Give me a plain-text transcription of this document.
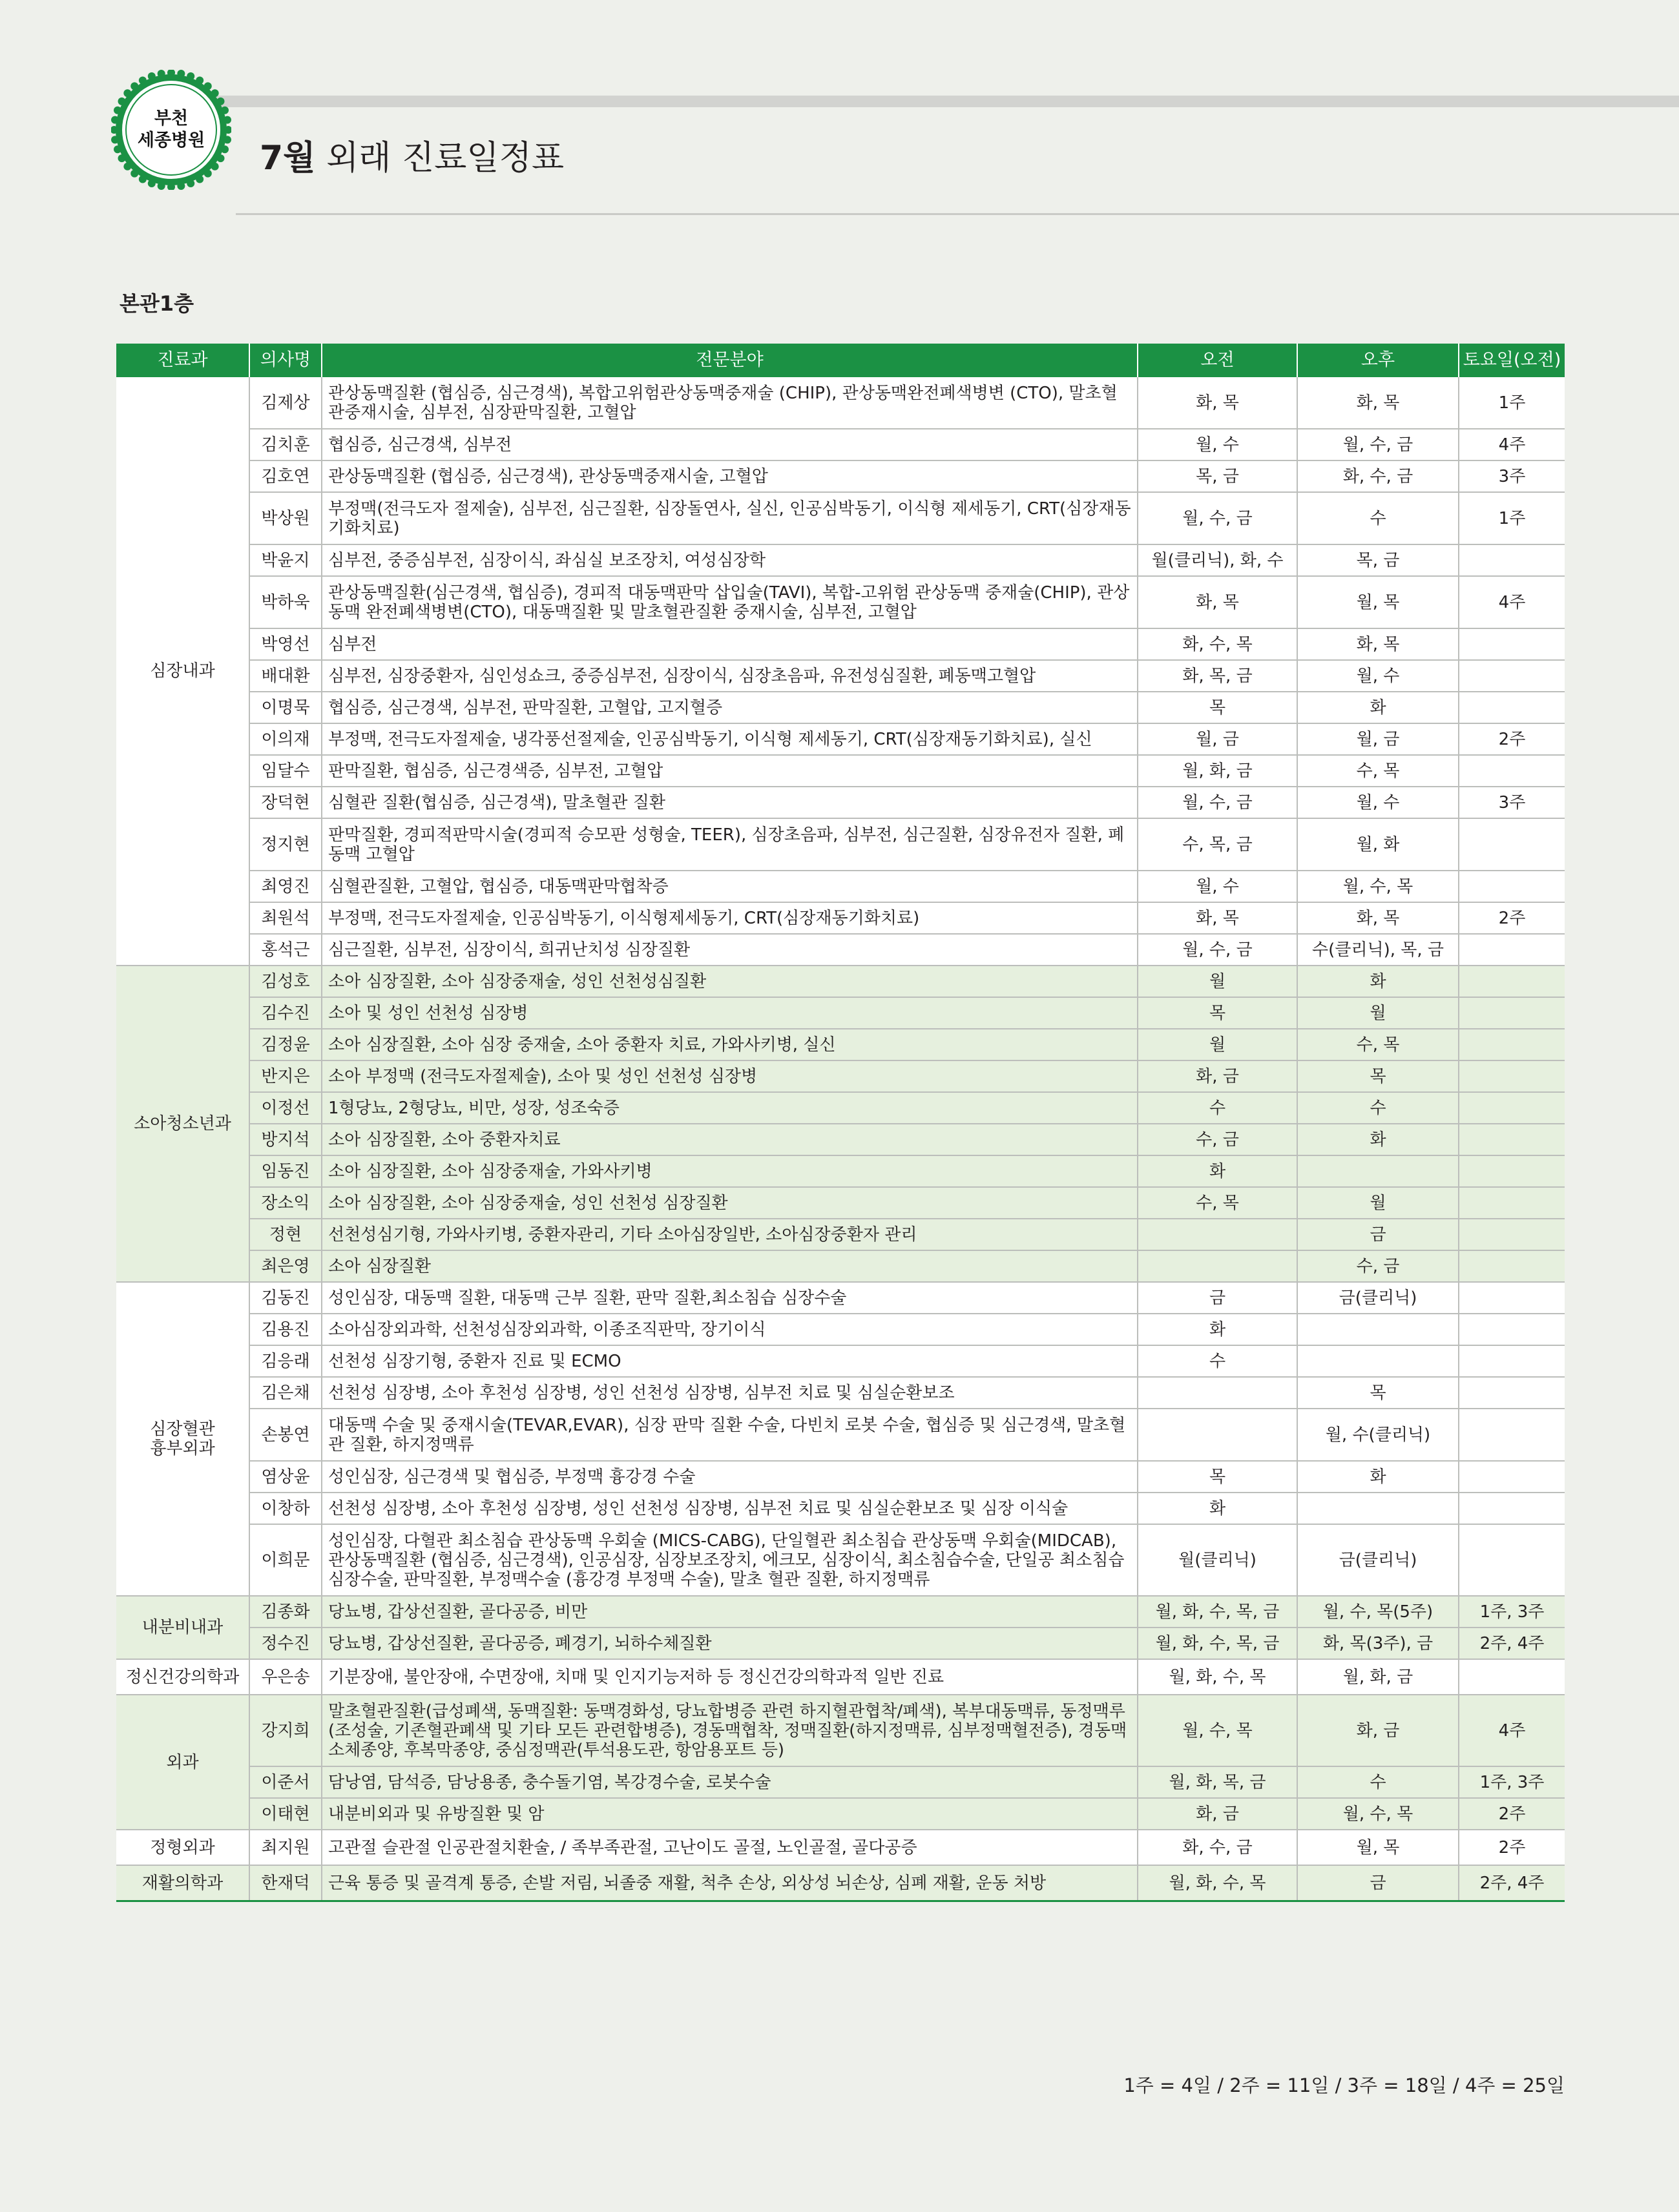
부천
세종병원 7월 외래 진료일정표
본관1층
진료과	의사명	전문분야	오전	오후	토요일(오전)

심장내과	김제상	관상동맥질환 (협심증, 심근경색), 복합고위험관상동맥중재술 (CHIP), 관상동맥완전폐색병변 (CTO), 말초혈관중재시술, 심부전, 심장판막질환, 고혈압	화, 목	화, 목	1주
	김치훈	협심증, 심근경색, 심부전	월, 수	월, 수, 금	4주
	김호연	관상동맥질환 (협심증, 심근경색), 관상동맥중재시술, 고혈압	목, 금	화, 수, 금	3주
	박상원	부정맥(전극도자 절제술), 심부전, 심근질환, 심장돌연사, 실신, 인공심박동기, 이식형 제세동기, CRT(심장재동기화치료)	월, 수, 금	수	1주
	박윤지	심부전, 중증심부전, 심장이식, 좌심실 보조장치, 여성심장학	월(클리닉), 화, 수	목, 금	
	박하욱	관상동맥질환(심근경색, 협심증), 경피적 대동맥판막 삽입술(TAVI), 복합-고위험 관상동맥 중재술(CHIP), 관상동맥 완전폐색병변(CTO), 대동맥질환 및 말초혈관질환 중재시술, 심부전, 고혈압	화, 목	월, 목	4주
	박영선	심부전	화, 수, 목	화, 목	
	배대환	심부전, 심장중환자, 심인성쇼크, 중증심부전, 심장이식, 심장초음파, 유전성심질환, 폐동맥고혈압	화, 목, 금	월, 수	
	이명묵	협심증, 심근경색, 심부전, 판막질환, 고혈압, 고지혈증	목	화	
	이의재	부정맥, 전극도자절제술, 냉각풍선절제술, 인공심박동기, 이식형 제세동기, CRT(심장재동기화치료), 실신	월, 금	월, 금	2주
	임달수	판막질환, 협심증, 심근경색증, 심부전, 고혈압	월, 화, 금	수, 목	
	장덕현	심혈관 질환(협심증, 심근경색), 말초혈관 질환	월, 수, 금	월, 수	3주
	정지현	판막질환, 경피적판막시술(경피적 승모판 성형술, TEER), 심장초음파, 심부전, 심근질환, 심장유전자 질환, 폐동맥 고혈압	수, 목, 금	월, 화	
	최영진	심혈관질환, 고혈압, 협심증, 대동맥판막협착증	월, 수	월, 수, 목	
	최원석	부정맥, 전극도자절제술, 인공심박동기, 이식형제세동기, CRT(심장재동기화치료)	화, 목	화, 목	2주
	홍석근	심근질환, 심부전, 심장이식, 희귀난치성 심장질환	월, 수, 금	수(클리닉), 목, 금	

소아청소년과	김성호	소아 심장질환, 소아 심장중재술, 성인 선천성심질환	월	화	
	김수진	소아 및 성인 선천성 심장병	목	월	
	김정윤	소아 심장질환, 소아 심장 중재술, 소아 중환자 치료, 가와사키병, 실신	월	수, 목	
	반지은	소아 부정맥 (전극도자절제술), 소아 및 성인 선천성 심장병	화, 금	목	
	이정선	1형당뇨, 2형당뇨, 비만, 성장, 성조숙증	수	수	
	방지석	소아 심장질환, 소아 중환자치료	수, 금	화	
	임동진	소아 심장질환, 소아 심장중재술, 가와사키병	화		
	장소익	소아 심장질환, 소아 심장중재술, 성인 선천성 심장질환	수, 목	월	
	정현	선천성심기형, 가와사키병, 중환자관리, 기타 소아심장일반, 소아심장중환자 관리		금	
	최은영	소아 심장질환		수, 금	

심장혈관
흉부외과	김동진	성인심장, 대동맥 질환, 대동맥 근부 질환, 판막 질환,최소침습 심장수술	금	금(클리닉)	
	김용진	소아심장외과학, 선천성심장외과학, 이종조직판막, 장기이식	화		
	김응래	선천성 심장기형, 중환자 진료 및 ECMO	수		
	김은채	선천성 심장병, 소아 후천성 심장병, 성인 선천성 심장병, 심부전 치료 및 심실순환보조		목	
	손봉연	대동맥 수술 및 중재시술(TEVAR,EVAR), 심장 판막 질환 수술, 다빈치 로봇 수술, 협심증 및 심근경색, 말초혈관 질환, 하지정맥류		월, 수(클리닉)	
	염상윤	성인심장, 심근경색 및 협심증, 부정맥 흉강경 수술	목	화	
	이창하	선천성 심장병, 소아 후천성 심장병, 성인 선천성 심장병, 심부전 치료 및 심실순환보조 및 심장 이식술	화		
	이희문	성인심장, 다혈관 최소침습 관상동맥 우회술 (MICS-CABG), 단일혈관 최소침습 관상동맥 우회술(MIDCAB), 관상동맥질환 (협심증, 심근경색), 인공심장, 심장보조장치, 에크모, 심장이식, 최소침습수술, 단일공 최소침습 심장수술, 판막질환, 부정맥수술 (흉강경 부정맥 수술), 말초 혈관 질환, 하지정맥류	월(클리닉)	금(클리닉)	

내분비내과	김종화	당뇨병, 갑상선질환, 골다공증, 비만	월, 화, 수, 목, 금	월, 수, 목(5주)	1주, 3주
	정수진	당뇨병, 갑상선질환, 골다공증, 폐경기, 뇌하수체질환	월, 화, 수, 목, 금	화, 목(3주), 금	2주, 4주

정신건강의학과	우은송	기분장애, 불안장애, 수면장애, 치매 및 인지기능저하 등 정신건강의학과적 일반 진료	월, 화, 수, 목	월, 화, 금	

외과	강지희	말초혈관질환(급성폐색, 동맥질환: 동맥경화성, 당뇨합병증 관련 하지혈관협착/폐색), 복부대동맥류, 동정맥루 (조성술, 기존혈관폐색 및 기타 모든 관련합병증), 경동맥협착, 정맥질환(하지정맥류, 심부정맥혈전증), 경동맥소체종양, 후복막종양, 중심정맥관(투석용도관, 항암용포트 등)	월, 수, 목	화, 금	4주
	이준서	담낭염, 담석증, 담낭용종, 충수돌기염, 복강경수술, 로봇수술	월, 화, 목, 금	수	1주, 3주
	이태현	내분비외과 및 유방질환 및 암	화, 금	월, 수, 목	2주

정형외과	최지원	고관절 슬관절 인공관절치환술, / 족부족관절, 고난이도 골절, 노인골절, 골다공증	화, 수, 금	월, 목	2주

재활의학과	한재덕	근육 통증 및 골격계 통증, 손발 저림, 뇌졸중 재활, 척추 손상, 외상성 뇌손상, 심폐 재활, 운동 처방	월, 화, 수, 목	금	2주, 4주
1주 = 4일 / 2주 = 11일 / 3주 = 18일 / 4주 = 25일
